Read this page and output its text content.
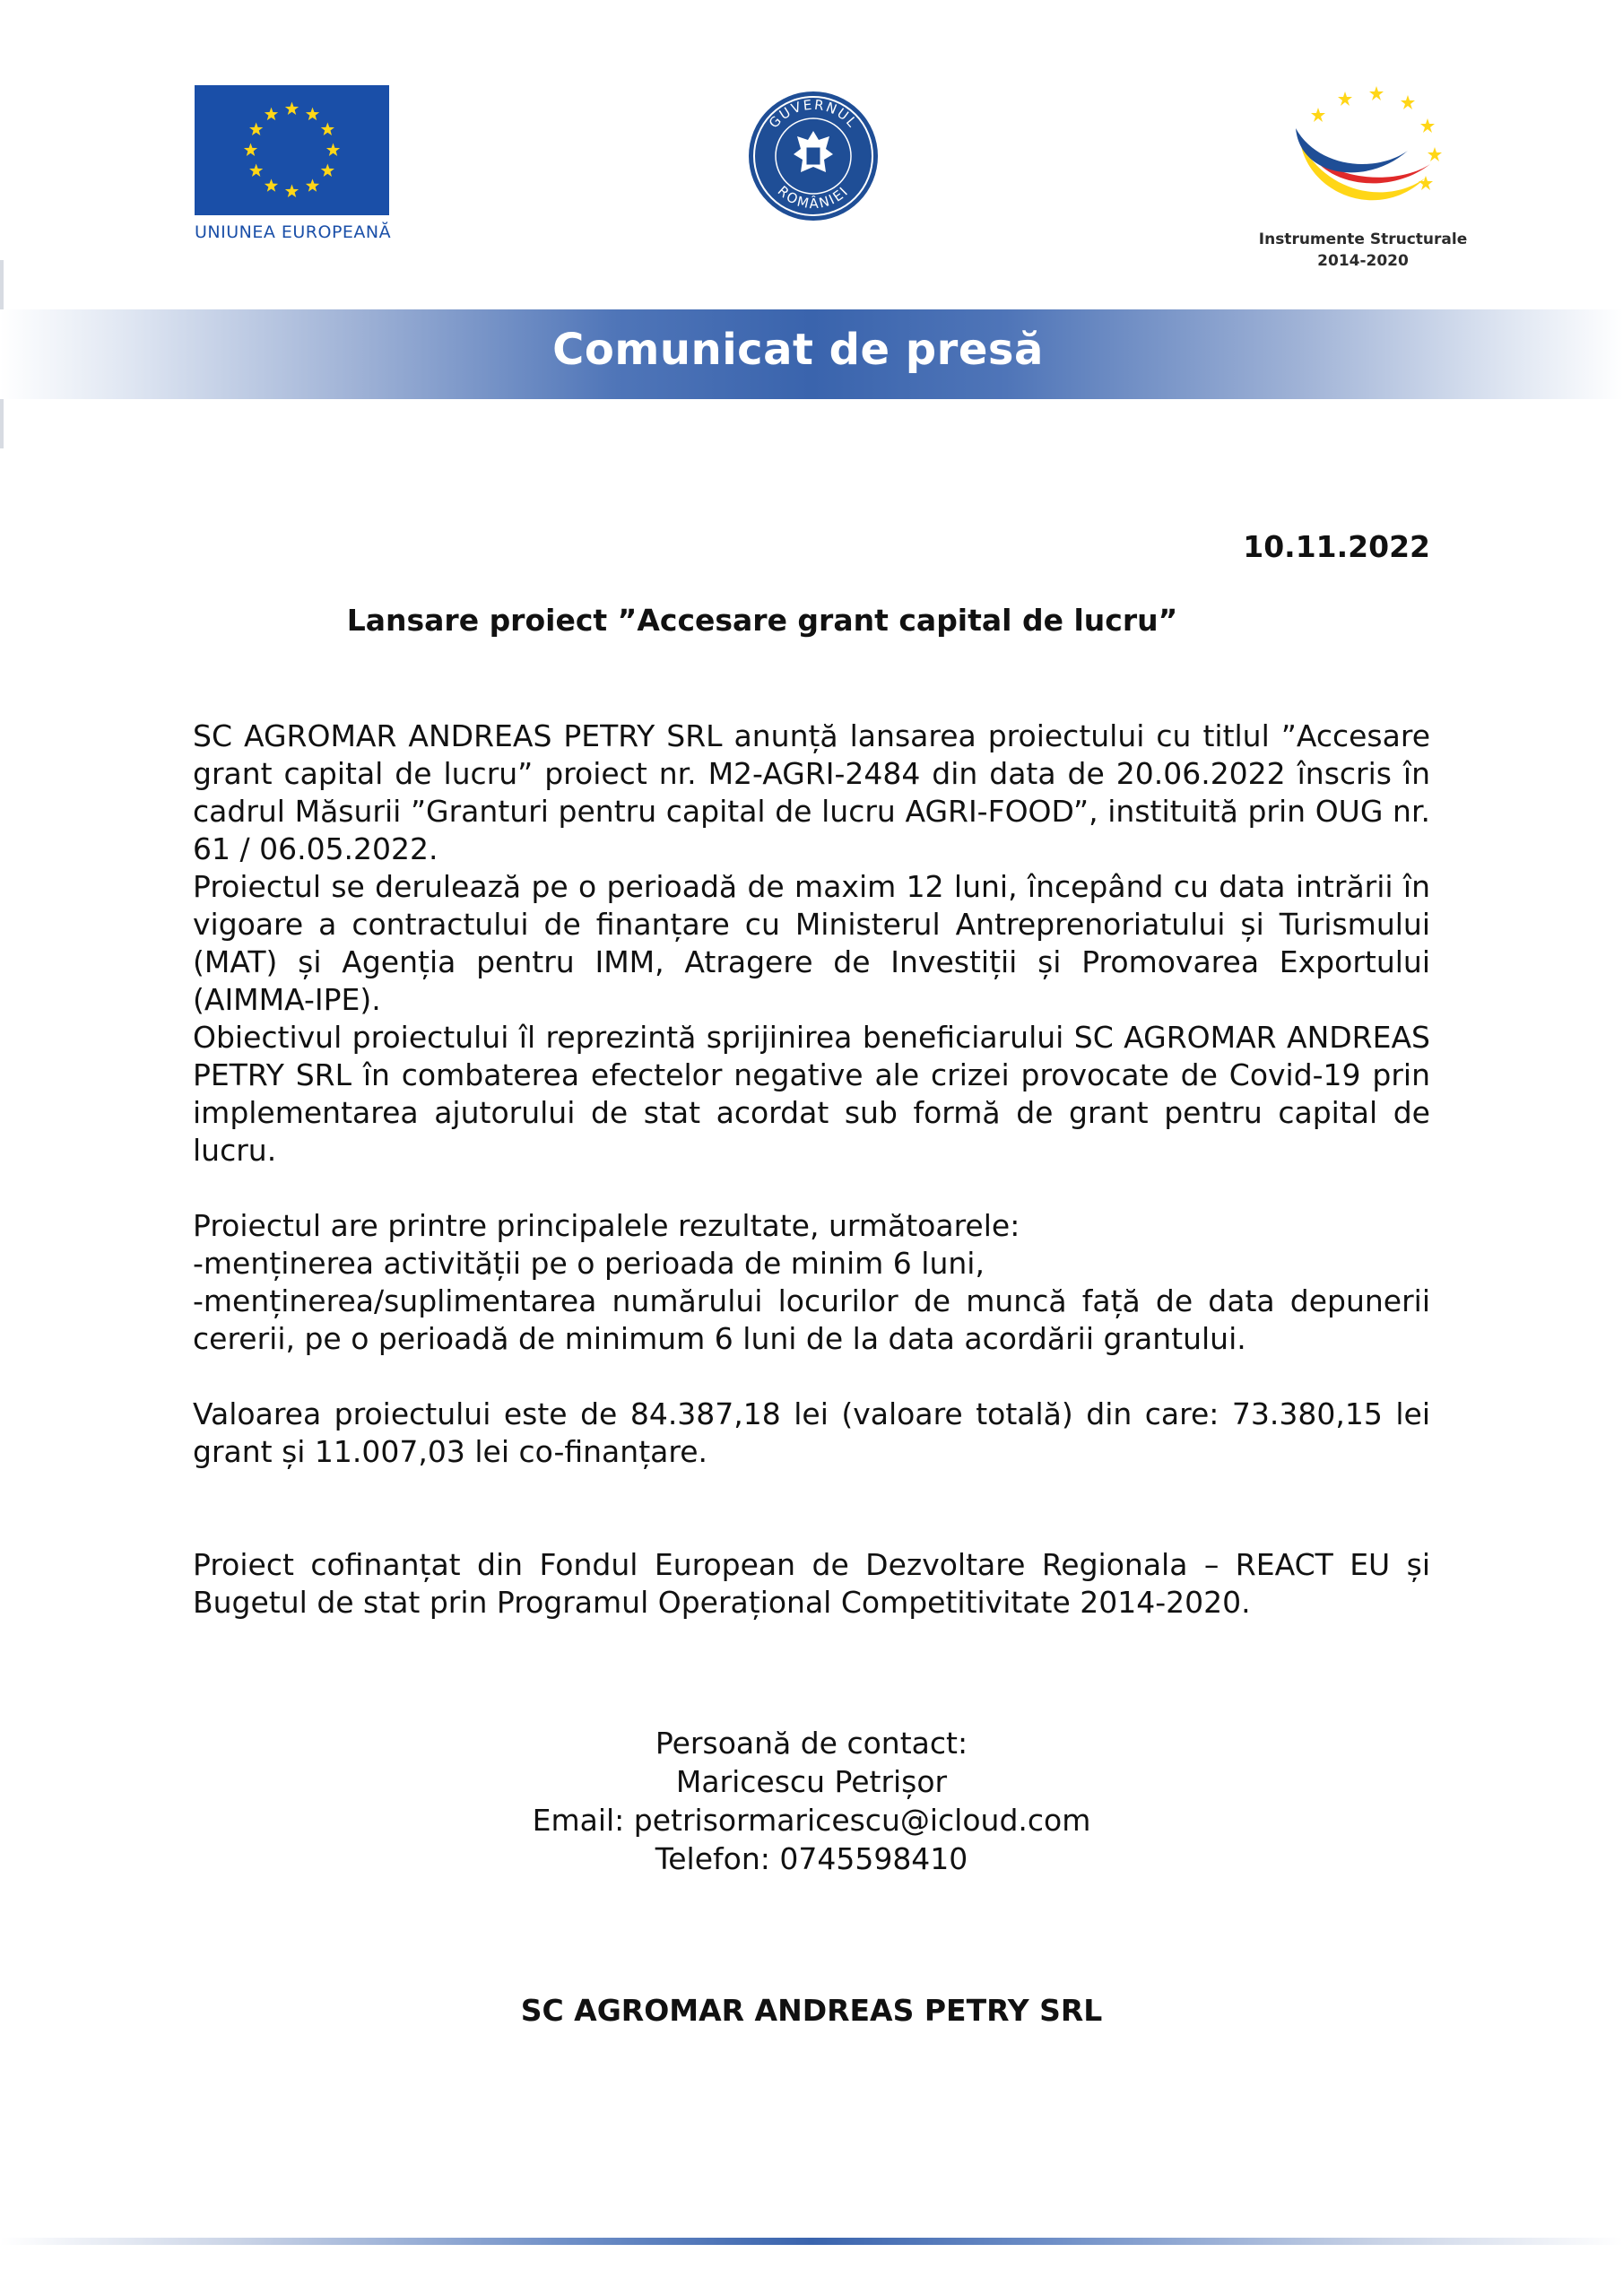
UNIUNEA EUROPEANĂ
GUVERNUL
ROMÂNIEI
Instrumente Structurale
2014-2020
Comunicat de presă
10.11.2022
Lansare proiect ”Accesare grant capital de lucru”

SC AGROMAR ANDREAS PETRY SRL anunță lansarea proiectului cu titlul ”Accesare grant capital de lucru” proiect nr. M2-AGRI-2484 din data de 20.06.2022 înscris în cadrul Măsurii ”Granturi pentru capital de lucru AGRI-FOOD”, instituită prin OUG nr. 61 / 06.05.2022.

Proiectul se derulează pe o perioadă de maxim 12 luni, începând cu data intrării în vigoare a contractului de finanțare cu Ministerul Antreprenoriatului și Turismului (MAT) și Agenția pentru IMM, Atragere de Investiții și Promovarea Exportului (AIMMA-IPE).

Obiectivul proiectului îl reprezintă sprijinirea beneficiarului SC AGROMAR ANDREAS PETRY SRL în combaterea efectelor negative ale crizei provocate de Covid-19 prin implementarea ajutorului de stat acordat sub formă de grant pentru capital de lucru.

Proiectul are printre principalele rezultate, următoarele:

-menținerea activității pe o perioada de minim 6 luni,

-menținerea/suplimentarea numărului locurilor de muncă față de data depunerii cererii, pe o perioadă de minimum 6 luni de la data acordării grantului.

Valoarea proiectului este de 84.387,18 lei (valoare totală) din care: 73.380,15 lei grant și 11.007,03 lei co-finanțare.

Proiect cofinanțat din Fondul European de Dezvoltare Regionala – REACT EU și Bugetul de stat prin Programul Operațional Competitivitate 2014-2020.

Persoană de contact:
Maricescu Petrișor
Email: petrisormaricescu@icloud.com
Telefon: 0745598410
SC AGROMAR ANDREAS PETRY SRL
